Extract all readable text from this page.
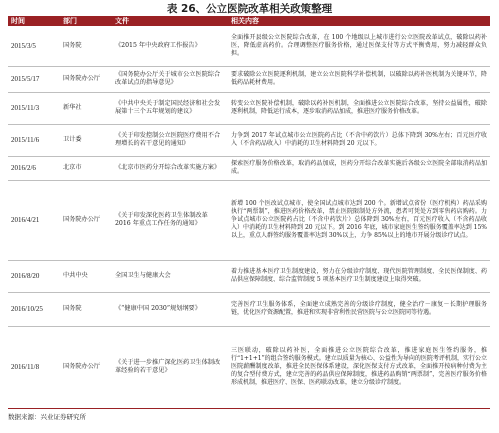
表 26、公立医院改革相关政策整理
时间	部门	文件	相关内容
2015/3/5	国务院	《2015 年中央政府工作报告》	全面推开县级公立医院综合改革，在 100 个地级以上城市进行公立医院改革试点，破除以药补医，降低虚高药价。合理调整医疗服务价格，通过医保支付等方式平衡费用，努力减轻群众负担。
2015/5/17	国务院办公厅	《国务院办公厅关于城市公立医院综合改革试点的指导意见》	要求破除公立医院逐利机制，建立公立医院科学补偿机制，以破除以药补医机制为关键环节，降低药品耗材费用。
2015/11/3	新华社	《中共中央关于制定国民经济和社会发展第十三个五年规划的建议》	转变公立医院补偿机制，破除以药补医机制，全面推进公立医院综合改革，坚持公益属性，破除逐利机制，降低运行成本，逐步取消药品加成，推进医疗服务价格改革。
2015/11/6	卫计委	《关于印发控制公立医院医疗费用不合理增长的若干意见的通知》	力争到 2017 年试点城市公立医院药占比（不含中药饮片）总体下降到 30%左右；百元医疗收入（不含药品收入）中消耗的卫生材料降到 20 元以下。
2016/2/6	北京市	《北京市医药分开综合改革实施方案》	探索医疗服务价格改革，取消药品加成，医药分开综合改革实施后各级公立医院全部取消药品加成。
2016/4/21	国务院办公厅	《关于印发深化医药卫生体制改革 2016 年重点工作任务的通知》	新增 100 个医改试点城市，使全国试点城市达到 200 个。新增试点省份（医疗机构）药品采购执行“两票制”，推进医药价格改革，禁止医院限制处方外流，患者可凭处方到零售药店购药。力争试点城市公立医院药占比（不含中药饮片）总体降到 30%左右，百元医疗收入（不含药品收入）中消耗的卫生材料降到 20 元以下。到 2016 年底，城市家庭医生签约服务覆盖率达到 15%以上，重点人群签约服务覆盖率达到 30%以上，力争 85%以上的地市开展分级诊疗试点。
2016/8/20	中共中央	全国卫生与健康大会	着力推进基本医疗卫生制度建设，努力在分级诊疗制度、现代医院管理制度、全民医保制度、药品供应保障制度、综合监管制度 5 项基本医疗卫生制度建设上取得突破。
2016/10/25	国务院	《“健康中国 2030”规划纲要》	完善医疗卫生服务体系，全面建立成熟完善的分级诊疗制度，健全治疗－康复－长期护理服务链，优化医疗资源配置，推进和实现非营利性民营医院与公立医院同等待遇。
2016/11/8	国务院办公厅	《关于进一步推广深化医药卫生体制改革经验的若干意见》	三医联动，破除以药补医，全面推进公立医院综合改革，推进家庭医生签约服务，推行“1+1+1”的组合签约服务模式。建立以质量为核心、公益性为导向的医院考评机制，实行公立医院薪酬制度改革，推进全民医保体系建设，深化医保支付方式改革，全面推开按病种付费为主的复合型付费方式，建立完善的药品供应保障制度，推进药品购销“两票制”，完善医疗服务价格形成机制，推进医疗、医保、医药联动改革，建立分级诊疗制度。
数据来源：兴业证券研究所
